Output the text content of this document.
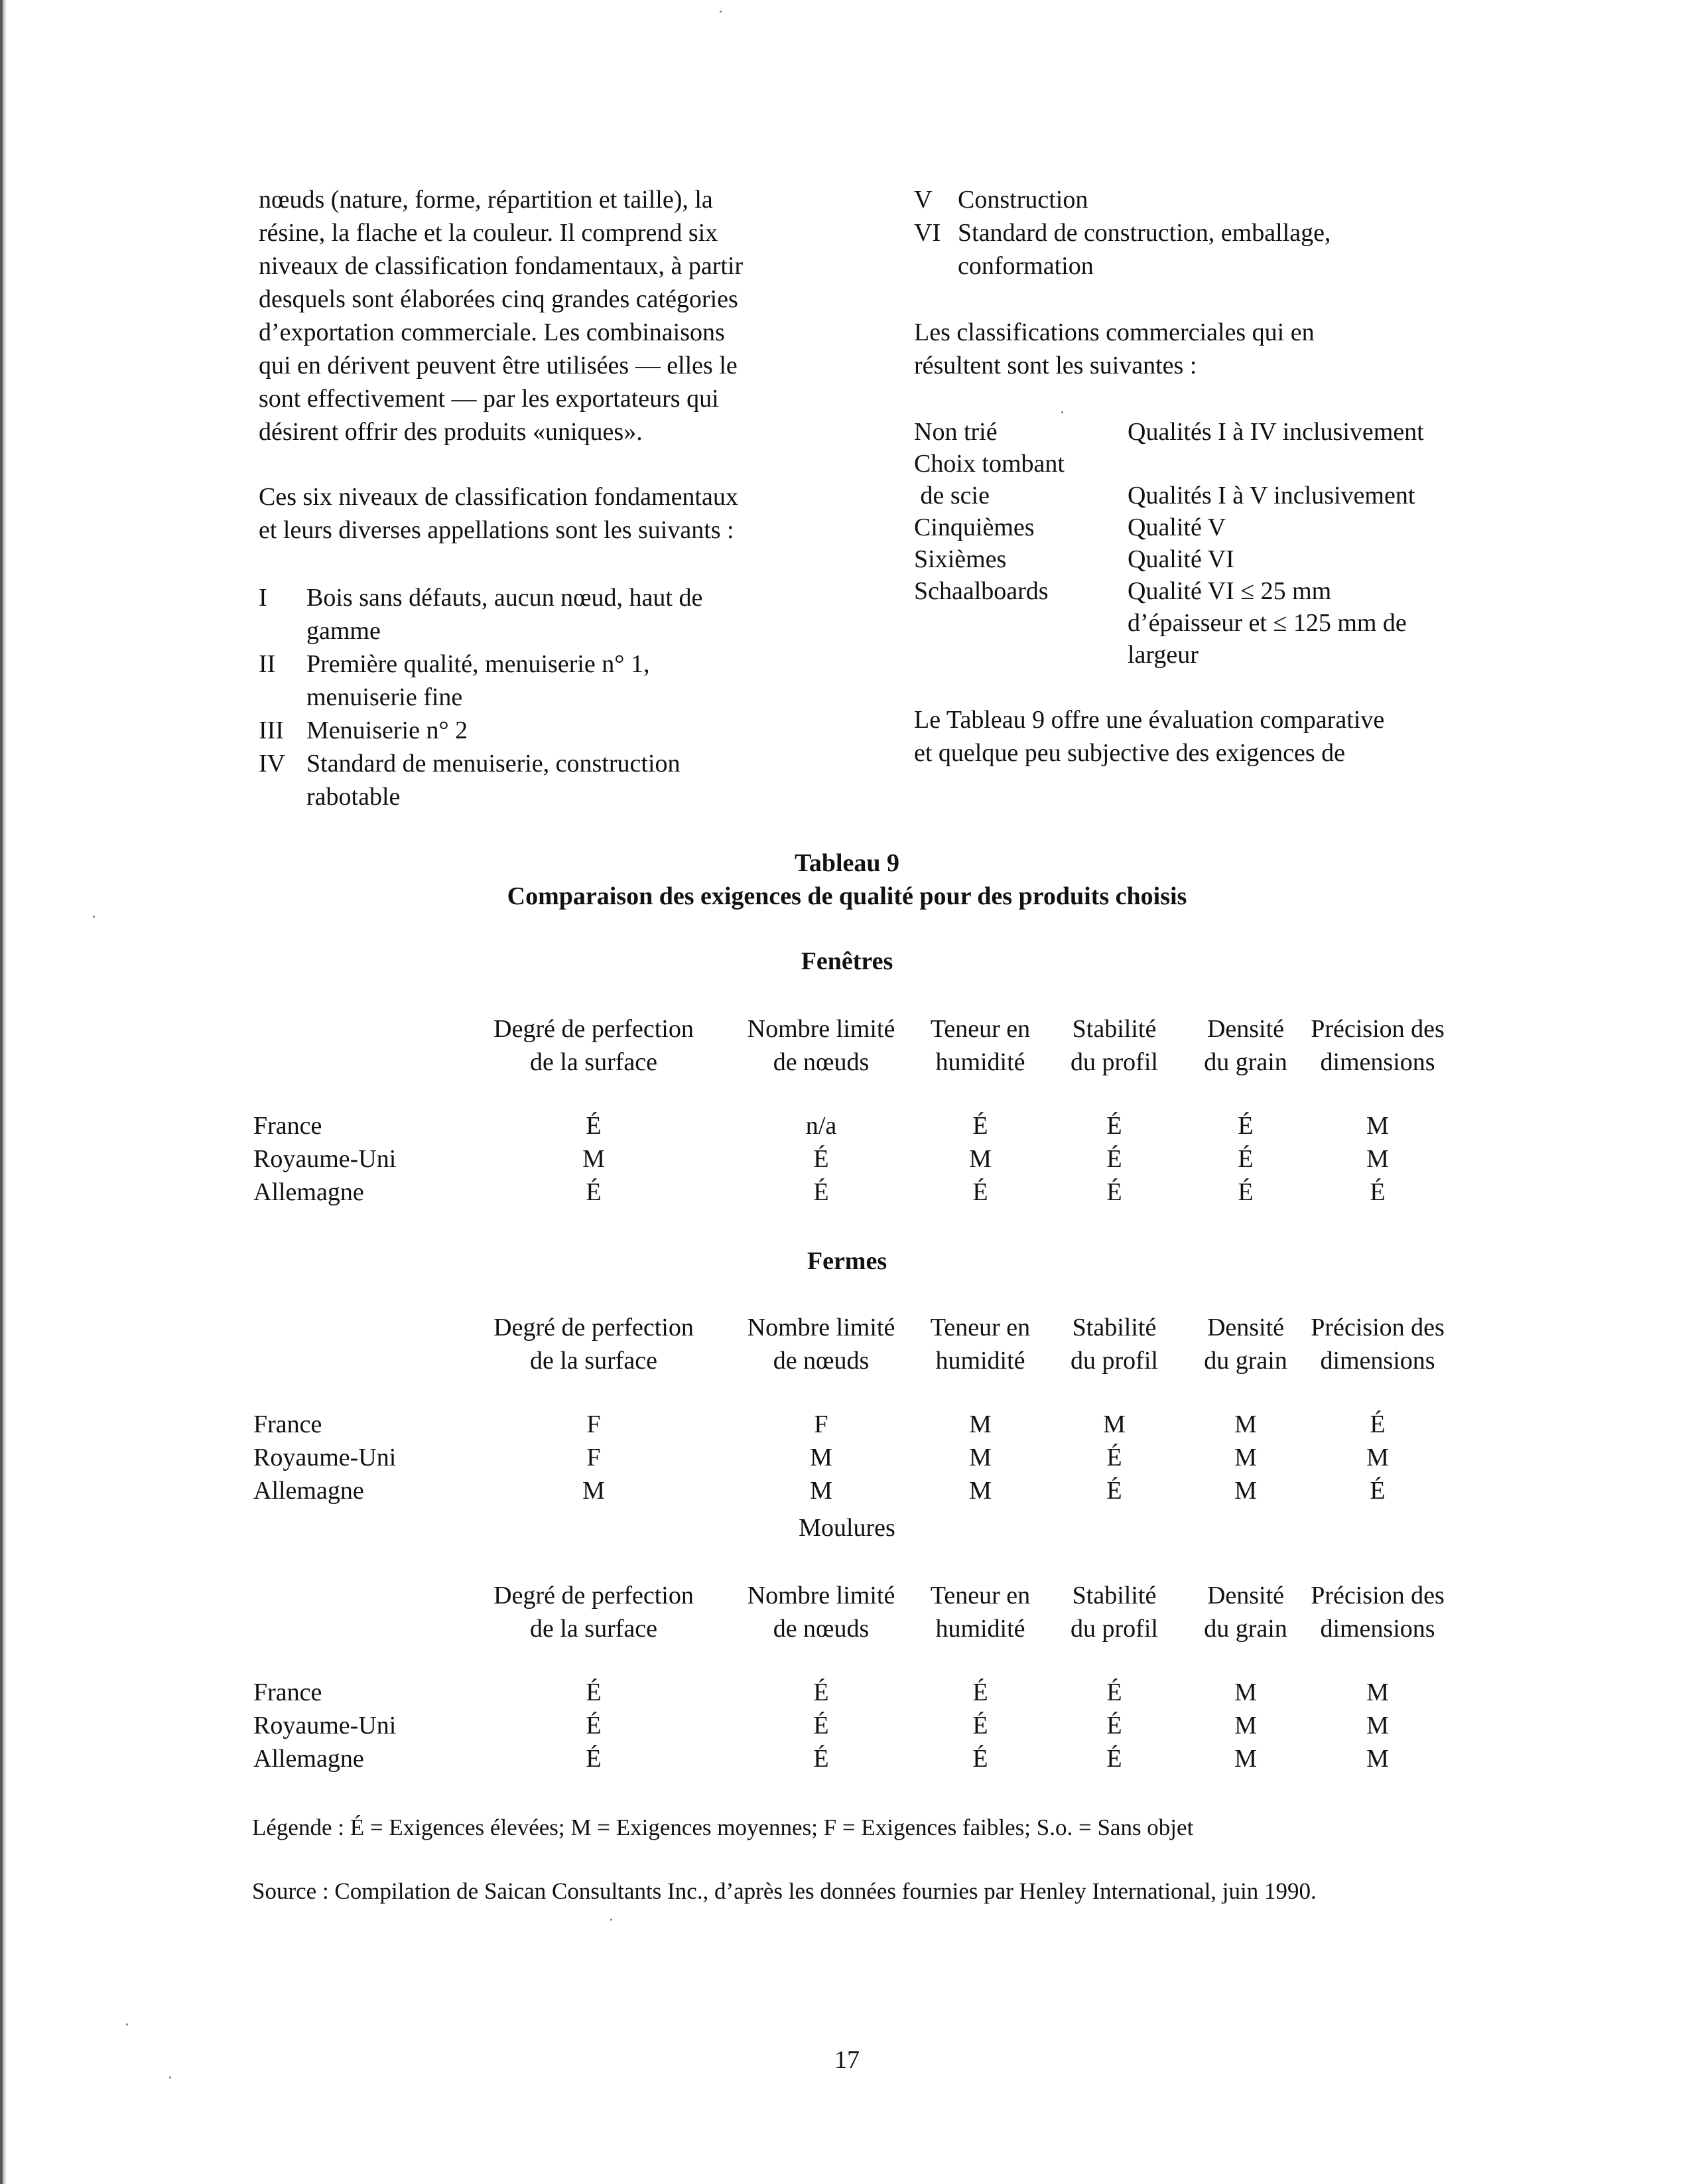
nœuds (nature, forme, répartition et taille), la
résine, la flache et la couleur. Il comprend six
niveaux de classification fondamentaux, à partir
desquels sont élaborées cinq grandes catégories
d’exportation commerciale. Les combinaisons
qui en dérivent peuvent être utilisées — elles le
sont effectivement — par les exportateurs qui
désirent offrir des produits «uniques».
Ces six niveaux de classification fondamentaux
et leurs diverses appellations sont les suivants :
I Bois sans défauts, aucun nœud, haut de
gamme
II Première qualité, menuiserie n° 1,
menuiserie fine
III Menuiserie n° 2
IV Standard de menuiserie, construction
rabotable
V Construction
VI Standard de construction, emballage,
conformation
Les classifications commerciales qui en
résultent sont les suivantes :
Non trié	Qualités I à IV inclusivement
Choix tombant
de scie	Qualités I à V inclusivement
Cinquièmes	Qualité V
Sixièmes	Qualité VI
Schaalboards	Qualité VI ≤ 25 mm
d’épaisseur et ≤ 125 mm de
largeur
Le Tableau 9 offre une évaluation comparative
et quelque peu subjective des exigences de
Tableau 9
Comparaison des exigences de qualité pour des produits choisis
Fenêtres
Degré de perfection
de la surface
Nombre limité
de nœuds
Teneur en
humidité
Stabilité
du profil
Densité
du grain
Précision des
dimensions
France	É	n/a	É	É	É	M
Royaume-Uni	M	É	M	É	É	M
Allemagne	É	É	É	É	É	É
Fermes
Degré de perfection
de la surface
Nombre limité
de nœuds
Teneur en
humidité
Stabilité
du profil
Densité
du grain
Précision des
dimensions
France	F	F	M	M	M	É
Royaume-Uni	F	M	M	É	M	M
Allemagne	M	M	M	É	M	É
Moulures
Degré de perfection
de la surface
Nombre limité
de nœuds
Teneur en
humidité
Stabilité
du profil
Densité
du grain
Précision des
dimensions
France	É	É	É	É	M	M
Royaume-Uni	É	É	É	É	M	M
Allemagne	É	É	É	É	M	M
Légende : É = Exigences élevées; M = Exigences moyennes; F = Exigences faibles; S.o. = Sans objet
Source : Compilation de Saican Consultants Inc., d’après les données fournies par Henley International, juin 1990.
17
